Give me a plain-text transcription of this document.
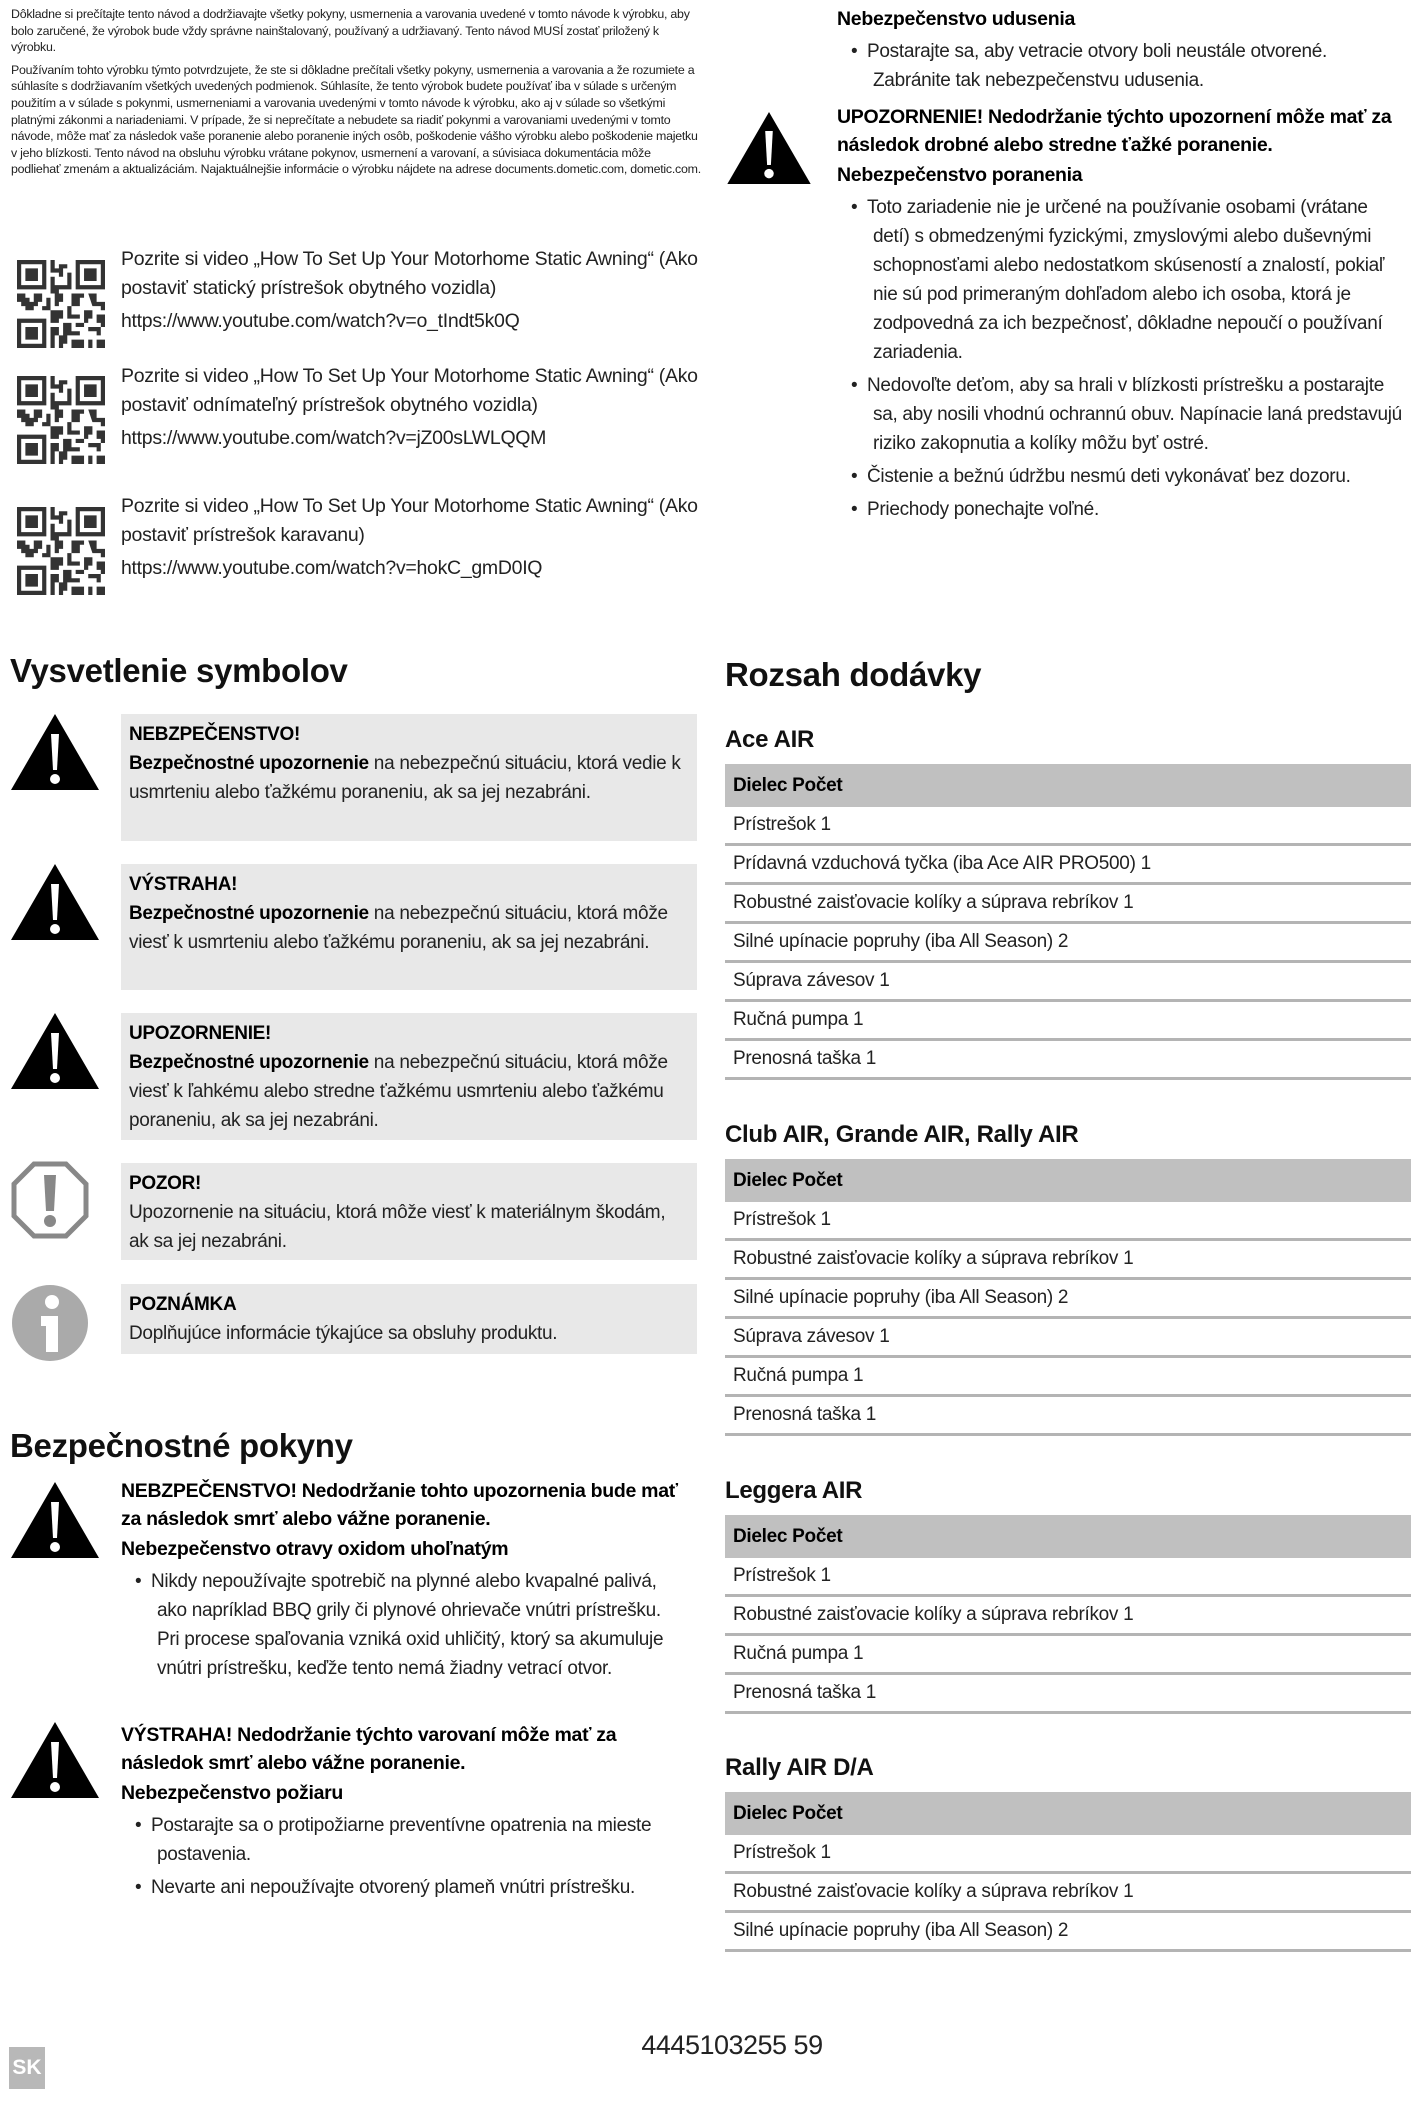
Dôkladne si prečítajte tento návod a dodržiavajte všetky pokyny, usmernenia a varovania uvedené v tomto návode k výrobku, aby bolo zaručené, že výrobok bude vždy správne nainštalovaný, používaný a udržiavaný. Tento návod MUSÍ zostať priložený k výrobku.

Používaním tohto výrobku týmto potvrdzujete, že ste si dôkladne prečítali všetky pokyny, usmernenia a varovania a že rozumiete a súhlasíte s dodržiavaním všetkých uvedených podmienok. Súhlasíte, že tento výrobok budete používať iba v súlade s určeným použitím a v súlade s pokynmi, usmerneniami a varovania uvedenými v tomto návode k výrobku, ako aj v súlade so všetkými platnými zákonmi a nariadeniami. V prípade, že si neprečítate a nebudete sa riadiť pokynmi a varovaniami uvedenými v tomto návode, môže mať za následok vaše poranenie alebo poranenie iných osôb, poškodenie vášho výrobku alebo poškodenie majetku v jeho blízkosti. Tento návod na obsluhu výrobku vrátane pokynov, usmernení a varovaní, a súvisiaca dokumentácia môže podliehať zmenám a aktualizáciám. Najaktuálnejšie informácie o výrobku nájdete na adrese documents.dometic.com, dometic.com.

Pozrite si video „How To Set Up Your Motorhome Static Awning“ (Ako postaviť statický prístrešok obytného vozidla)
https://www.youtube.com/watch?v=o_tIndt5k0Q
Pozrite si video „How To Set Up Your Motorhome Static Awning“ (Ako postaviť odnímateľný prístrešok obytného vozidla)
https://www.youtube.com/watch?v=jZ00sLWLQQM
Pozrite si video „How To Set Up Your Motorhome Static Awning“ (Ako postaviť prístrešok karavanu)
https://www.youtube.com/watch?v=hokC_gmD0IQ
Vysvetlenie symbolov
NEBZPEČENSTVO!
Bezpečnostné upozornenie na nebezpečnú situáciu, ktorá vedie k usmrteniu alebo ťažkému poraneniu, ak sa jej nezabráni.
VÝSTRAHA!
Bezpečnostné upozornenie na nebezpečnú situáciu, ktorá môže viesť k usmrteniu alebo ťažkému poraneniu, ak sa jej nezabráni.
UPOZORNENIE!
Bezpečnostné upozornenie na nebezpečnú situáciu, ktorá môže viesť k ľahkému alebo stredne ťažkému usmrteniu alebo ťažkému poraneniu, ak sa jej nezabráni.
POZOR!
Upozornenie na situáciu, ktorá môže viesť k materiálnym škodám, ak sa jej nezabráni.
POZNÁMKA
Doplňujúce informácie týkajúce sa obsluhy produktu.
Bezpečnostné pokyny
NEBZPEČENSTVO! Nedodržanie tohto upozornenia bude mať za následok smrť alebo vážne poranenie.
Nebezpečenstvo otravy oxidom uhoľnatým
• Nikdy nepoužívajte spotrebič na plynné alebo kvapalné palivá, ako napríklad BBQ grily či plynové ohrievače vnútri prístrešku. Pri procese spaľovania vzniká oxid uhličitý, ktorý sa akumuluje vnútri prístrešku, keďže tento nemá žiadny vetrací otvor.
VÝSTRAHA! Nedodržanie týchto varovaní môže mať za následok smrť alebo vážne poranenie.
Nebezpečenstvo požiaru
• Postarajte sa o protipožiarne preventívne opatrenia na mieste postavenia.
• Nevarte ani nepoužívajte otvorený plameň vnútri prístrešku.
Nebezpečenstvo udusenia
• Postarajte sa, aby vetracie otvory boli neustále otvorené. Zabránite tak nebezpečenstvu udusenia.
UPOZORNENIE! Nedodržanie týchto upozornení môže mať za následok drobné alebo stredne ťažké poranenie.
Nebezpečenstvo poranenia
• Toto zariadenie nie je určené na používanie osobami (vrátane detí) s obmedzenými fyzickými, zmyslovými alebo duševnými schopnosťami alebo nedostatkom skúseností a znalostí, pokiaľ nie sú pod primeraným dohľadom alebo ich osoba, ktorá je zodpovedná za ich bezpečnosť, dôkladne nepoučí o používaní zariadenia.
• Nedovoľte deťom, aby sa hrali v blízkosti prístrešku a postarajte sa, aby nosili vhodnú ochrannú obuv. Napínacie laná predstavujú riziko zakopnutia a kolíky môžu byť ostré.
• Čistenie a bežnú údržbu nesmú deti vykonávať bez dozoru.
• Priechody ponechajte voľné.
Rozsah dodávky
Ace AIR
Dielec Počet
Prístrešok 1
Prídavná vzduchová tyčka (iba Ace AIR PRO500) 1
Robustné zaisťovacie kolíky a súprava rebríkov 1
Silné upínacie popruhy (iba All Season) 2
Súprava závesov 1
Ručná pumpa 1
Prenosná taška 1
Club AIR, Grande AIR, Rally AIR
Dielec Počet
Prístrešok 1
Robustné zaisťovacie kolíky a súprava rebríkov 1
Silné upínacie popruhy (iba All Season) 2
Súprava závesov 1
Ručná pumpa 1
Prenosná taška 1
Leggera AIR
Dielec Počet
Prístrešok 1
Robustné zaisťovacie kolíky a súprava rebríkov 1
Ručná pumpa 1
Prenosná taška 1
Rally AIR D/A
Dielec Počet
Prístrešok 1
Robustné zaisťovacie kolíky a súprava rebríkov 1
Silné upínacie popruhy (iba All Season) 2
SK
4445103255 59
